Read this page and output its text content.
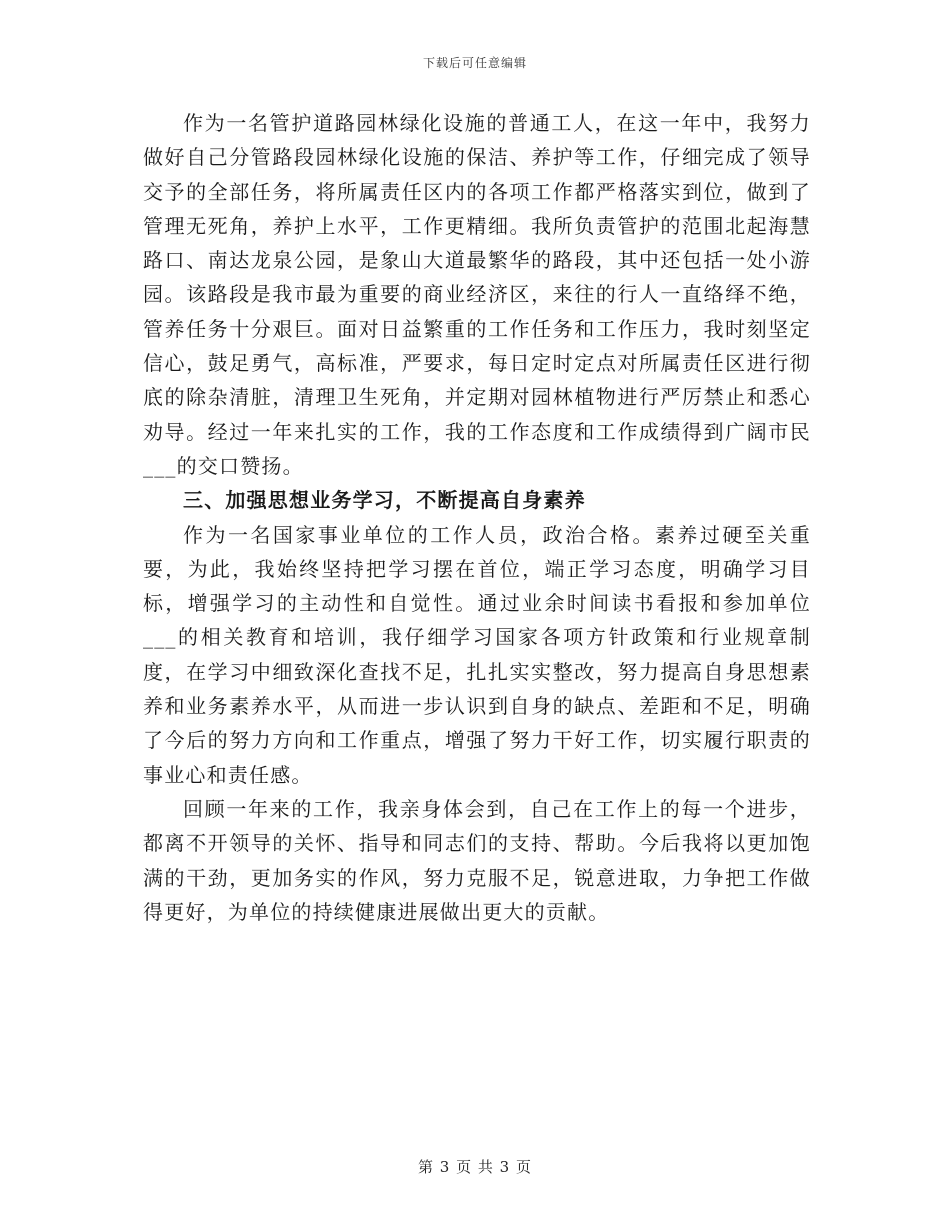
下载后可任意编辑

作为一名管护道路园林绿化设施的普通工人，在这一年中，我努力做好自己分管路段园林绿化设施的保洁、养护等工作，仔细完成了领导交予的全部任务，将所属责任区内的各项工作都严格落实到位，做到了管理无死角，养护上水平，工作更精细。我所负责管护的范围北起海慧路口、南达龙泉公园，是象山大道最繁华的路段，其中还包括一处小游园。该路段是我市最为重要的商业经济区，来往的行人一直络绎不绝，管养任务十分艰巨。面对日益繁重的工作任务和工作压力，我时刻坚定信心，鼓足勇气，高标准，严要求，每日定时定点对所属责任区进行彻底的除杂清脏，清理卫生死角，并定期对园林植物进行严厉禁止和悉心劝导。经过一年来扎实的工作，我的工作态度和工作成绩得到广阔市民___的交口赞扬。

三、加强思想业务学习，不断提高自身素养

作为一名国家事业单位的工作人员，政治合格。素养过硬至关重要，为此，我始终坚持把学习摆在首位，端正学习态度，明确学习目标，增强学习的主动性和自觉性。通过业余时间读书看报和参加单位___的相关教育和培训，我仔细学习国家各项方针政策和行业规章制度，在学习中细致深化查找不足，扎扎实实整改，努力提高自身思想素养和业务素养水平，从而进一步认识到自身的缺点、差距和不足，明确了今后的努力方向和工作重点，增强了努力干好工作，切实履行职责的事业心和责任感。

回顾一年来的工作，我亲身体会到，自己在工作上的每一个进步，都离不开领导的关怀、指导和同志们的支持、帮助。今后我将以更加饱满的干劲，更加务实的作风，努力克服不足，锐意进取，力争把工作做得更好，为单位的持续健康进展做出更大的贡献。

第 3 页 共 3 页
